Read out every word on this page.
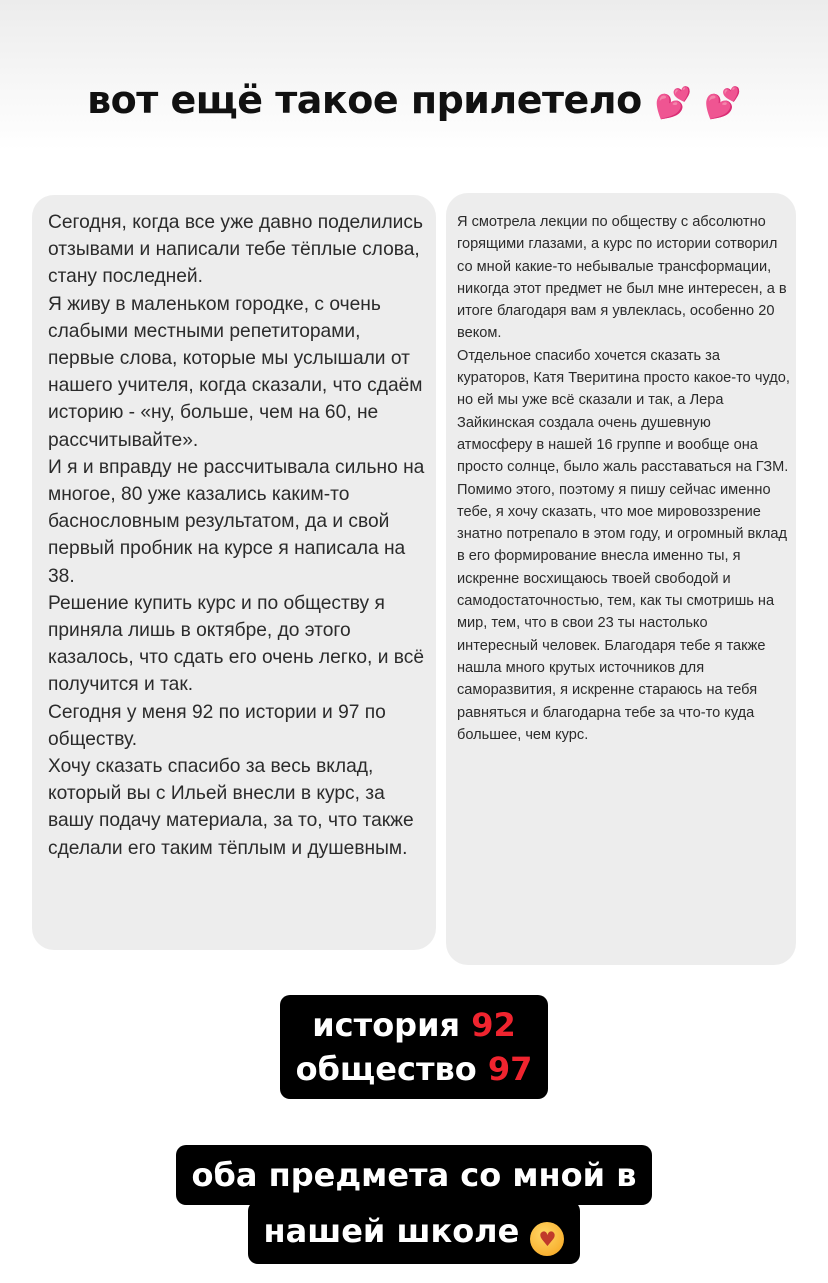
вот ещё такое прилетело 💕 💕

Сегодня, когда все уже давно поделились отзывами и написали тебе тёплые слова, стану последней.

Я живу в маленьком городке, с очень слабыми местными репетиторами, первые слова, которые мы услышали от нашего учителя, когда сказали, что сдаём историю - «ну, больше, чем на 60, не рассчитывайте».

И я и вправду не рассчитывала сильно на многое, 80 уже казались каким-то баснословным результатом, да и свой первый пробник на курсе я написала на 38.

Решение купить курс и по обществу я приняла лишь в октябре, до этого казалось, что сдать его очень легко, и всё получится и так.

Сегодня у меня 92 по истории и 97 по обществу.

Хочу сказать спасибо за весь вклад, который вы с Ильей внесли в курс, за вашу подачу материала, за то, что также сделали его таким тёплым и душевным.

Я смотрела лекции по обществу с абсолютно горящими глазами, а курс по истории сотворил со мной какие-то небывалые трансформации, никогда этот предмет не был мне интересен, а в итоге благодаря вам я увлеклась, особенно 20 веком.

Отдельное спасибо хочется сказать за кураторов, Катя Тверитина просто какое-то чудо, но ей мы уже всё сказали и так, а Лера Зайкинская создала очень душевную атмосферу в нашей 16 группе и вообще она просто солнце, было жаль расставаться на ГЗМ.

Помимо этого, поэтому я пишу сейчас именно тебе, я хочу сказать, что мое мировоззрение знатно потрепало в этом году, и огромный вклад в его формирование внесла именно ты, я искренне восхищаюсь твоей свободой и самодостаточностью, тем, как ты смотришь на мир, тем, что в свои 23 ты настолько интересный человек. Благодаря тебе я также нашла много крутых источников для саморазвития, я искренне стараюсь на тебя равняться и благодарна тебе за что-то куда большее, чем курс.

история 92
общество 97
оба предмета со мной в
нашей школе ♥
